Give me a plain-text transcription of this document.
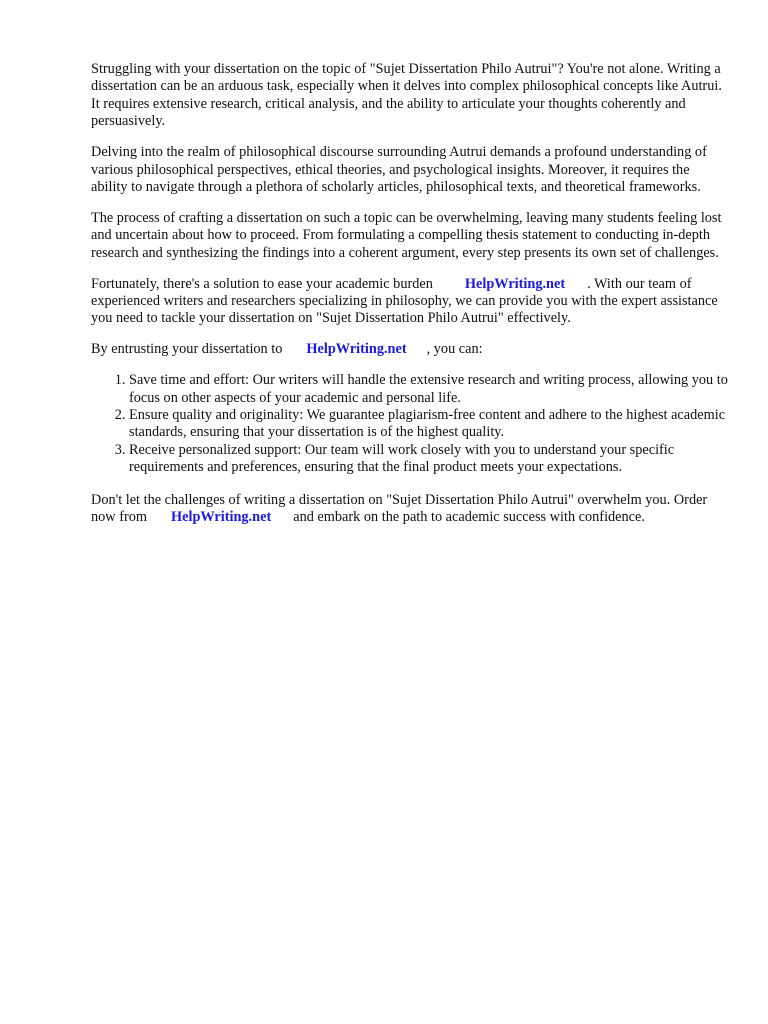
Struggling with your dissertation on the topic of "Sujet Dissertation Philo Autrui"? You're not alone. Writing a dissertation can be an arduous task, especially when it delves into complex philosophical concepts like Autrui. It requires extensive research, critical analysis, and the ability to articulate your thoughts coherently and persuasively.

Delving into the realm of philosophical discourse surrounding Autrui demands a profound understanding of various philosophical perspectives, ethical theories, and psychological insights. Moreover, it requires the ability to navigate through a plethora of scholarly articles, philosophical texts, and theoretical frameworks.

The process of crafting a dissertation on such a topic can be overwhelming, leaving many students feeling lost and uncertain about how to proceed. From formulating a compelling thesis statement to conducting in-depth research and synthesizing the findings into a coherent argument, every step presents its own set of challenges.

Fortunately, there's a solution to ease your academic burden HelpWriting.net . With our team of experienced writers and researchers specializing in philosophy, we can provide you with the expert assistance you need to tackle your dissertation on "Sujet Dissertation Philo Autrui" effectively.

By entrusting your dissertation to HelpWriting.net , you can:

1. Save time and effort: Our writers will handle the extensive research and writing process, allowing you to focus on other aspects of your academic and personal life.
2. Ensure quality and originality: We guarantee plagiarism-free content and adhere to the highest academic standards, ensuring that your dissertation is of the highest quality.
3. Receive personalized support: Our team will work closely with you to understand your specific requirements and preferences, ensuring that the final product meets your expectations.

Don't let the challenges of writing a dissertation on "Sujet Dissertation Philo Autrui" overwhelm you. Order now from HelpWriting.net and embark on the path to academic success with confidence.
